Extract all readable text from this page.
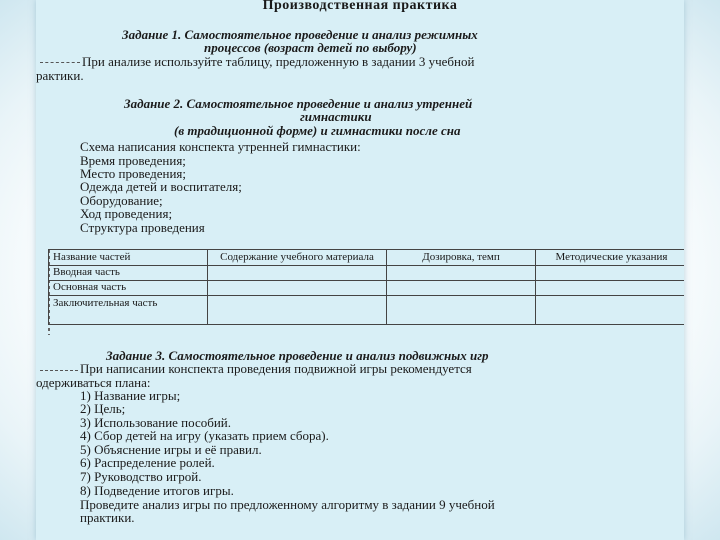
Производственная практика
Задание 1. Самостоятельное проведение и анализ режимных
процессов (возраст детей по выбору)
При анализе используйте таблицу, предложенную в задании 3 учебной
рактики.
Задание 2. Самостоятельное проведение и анализ утренней
гимнастики
(в традиционной форме) и гимнастики после сна
Схема написания конспекта утренней гимнастики:
Время проведения;
Место проведения;
Одежда детей и воспитателя;
Оборудование;
Ход проведения;
Структура проведения
Название частей	Содержание учебного материала	Дозировка, темп	Методические указания
Вводная часть			
Основная часть			
Заключительная часть			
Задание 3. Самостоятельное проведение и анализ подвижных игр
При написании конспекта проведения подвижной игры рекомендуется
одерживаться плана:
1) Название игры;
2) Цель;
3) Использование пособий.
4) Сбор детей на игру (указать прием сбора).
5) Объяснение игры и её правил.
6) Распределение ролей.
7) Руководство игрой.
8) Подведение итогов игры.
Проведите анализ игры по предложенному алгоритму в задании 9 учебной
практики.
